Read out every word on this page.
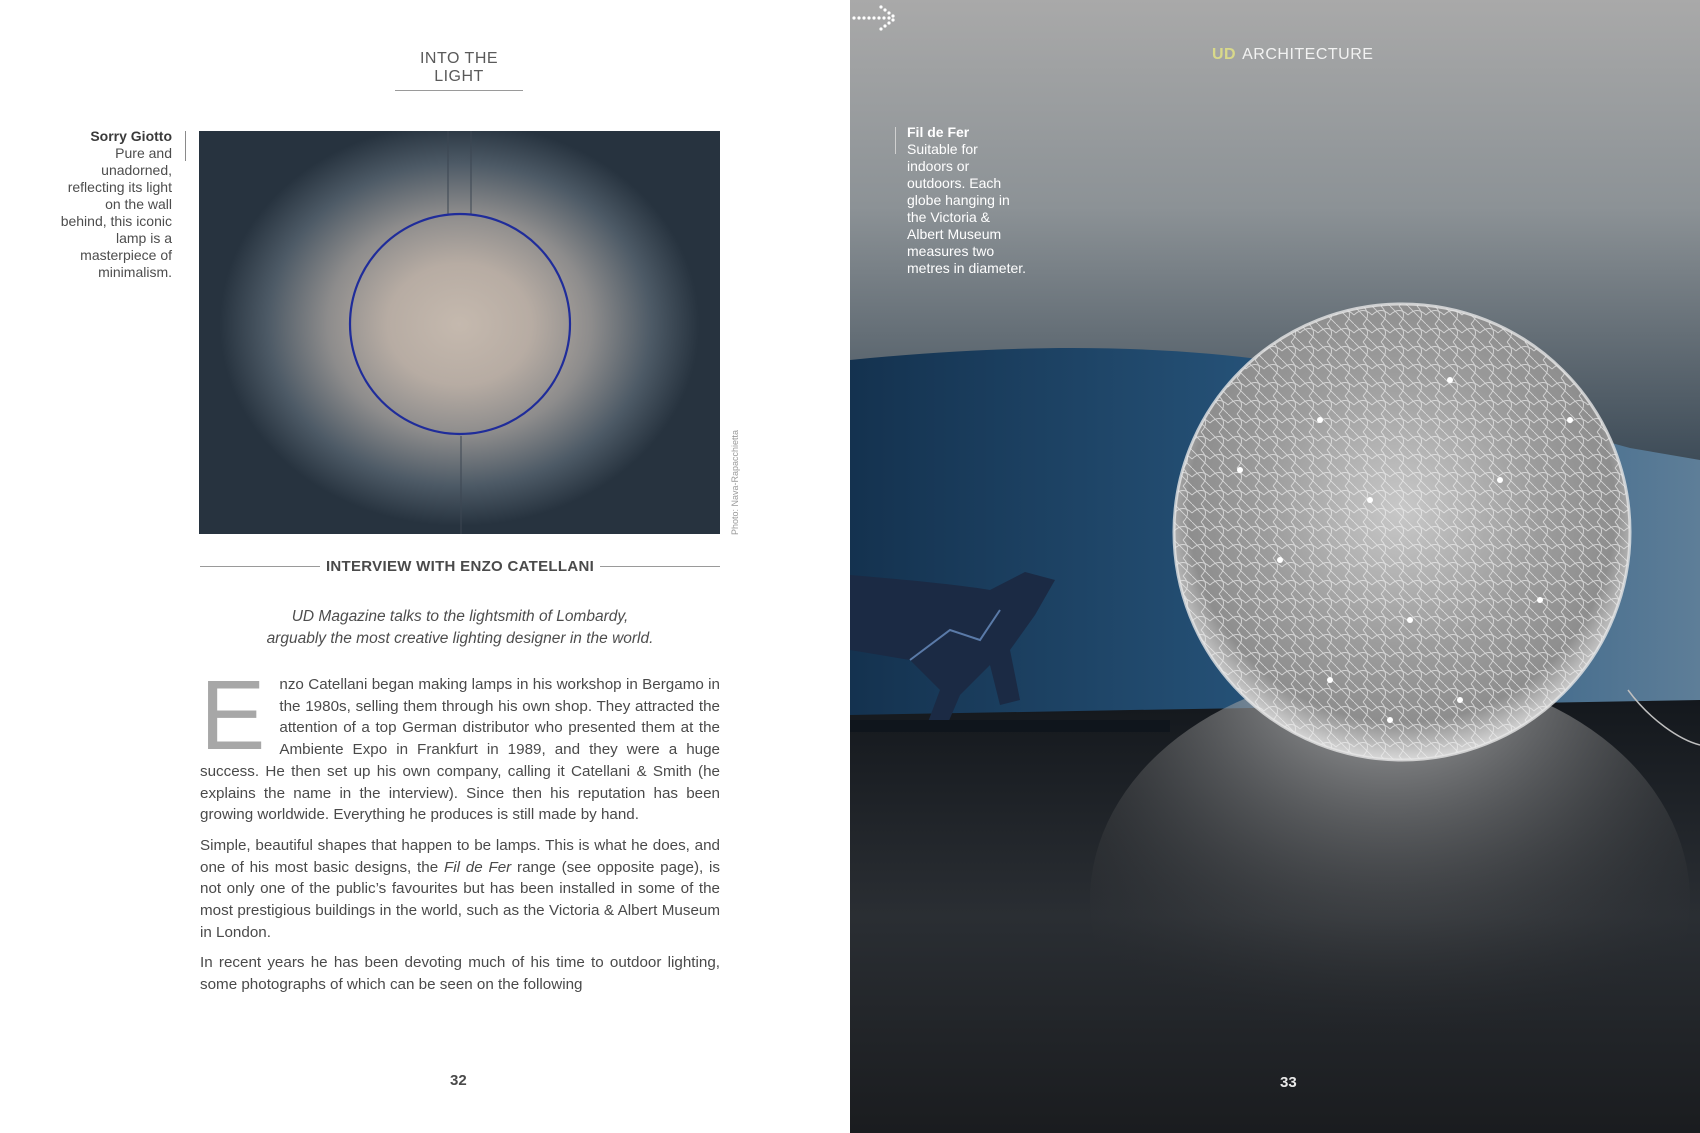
INTO THE LIGHT
Sorry Giotto
Pure and unadorned, reflecting its light on the wall behind, this iconic lamp is a masterpiece of minimalism.
Photo: Nava-Rapacchietta
INTERVIEW WITH ENZO CATELLANI
UD Magazine talks to the lightsmith of Lombardy,
arguably the most creative lighting designer in the world.

Enzo Catellani began making lamps in his workshop in Bergamo in the 1980s, selling them through his own shop. They attracted the attention of a top German distributor who presented them at the Ambiente Expo in Frankfurt in 1989, and they were a huge success. He then set up his own company, calling it Catellani & Smith (he explains the name in the interview). Since then his reputation has been growing worldwide. Everything he produces is still made by hand.

Simple, beautiful shapes that happen to be lamps. This is what he does, and one of his most basic designs, the Fil de Fer range (see opposite page), is not only one of the public’s favourites but has been installed in some of the most prestigious buildings in the world, such as the Victoria & Albert Museum in London.

In recent years he has been devoting much of his time to outdoor lighting, some photographs of which can be seen on the following

32
UD ARCHITECTURE
Fil de Fer
Suitable for indoors or outdoors. Each globe hanging in the Victoria & Albert Museum measures two metres in diameter.
33
